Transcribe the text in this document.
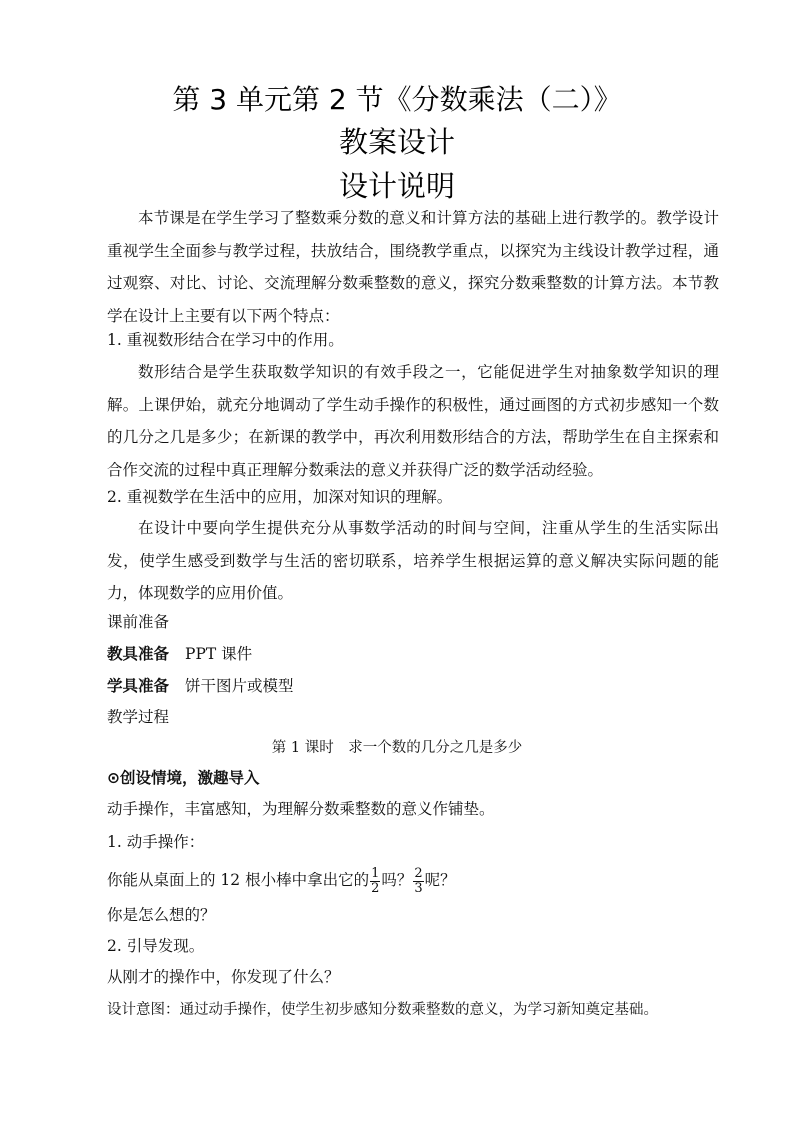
第 3 单元第 2 节《分数乘法（二）》
教案设计
设计说明
本节课是在学生学习了整数乘分数的意义和计算方法的基础上进行教学的。教学设计重视学生全面参与教学过程，扶放结合，围绕教学重点，以探究为主线设计教学过程，通过观察、对比、讨论、交流理解分数乘整数的意义，探究分数乘整数的计算方法。本节教学在设计上主要有以下两个特点：
1. 重视数形结合在学习中的作用。
数形结合是学生获取数学知识的有效手段之一，它能促进学生对抽象数学知识的理解。上课伊始，就充分地调动了学生动手操作的积极性，通过画图的方式初步感知一个数的几分之几是多少；在新课的教学中，再次利用数形结合的方法，帮助学生在自主探索和合作交流的过程中真正理解分数乘法的意义并获得广泛的数学活动经验。
2. 重视数学在生活中的应用，加深对知识的理解。
在设计中要向学生提供充分从事数学活动的时间与空间，注重从学生的生活实际出发，使学生感受到数学与生活的密切联系，培养学生根据运算的意义解决实际问题的能力，体现数学的应用价值。
课前准备
教具准备 PPT 课件
学具准备 饼干图片或模型
教学过程
第 1 课时　求一个数的几分之几是多少
⊙创设情境，激趣导入
动手操作，丰富感知，为理解分数乘整数的意义作铺垫。
1. 动手操作：
你能从桌面上的 12 根小棒中拿出它的 $\frac{1}{2}$ 吗？ $\frac{2}{3}$ 呢？
你是怎么想的？
2. 引导发现。
从刚才的操作中，你发现了什么？
设计意图：通过动手操作，使学生初步感知分数乘整数的意义，为学习新知奠定基础。
